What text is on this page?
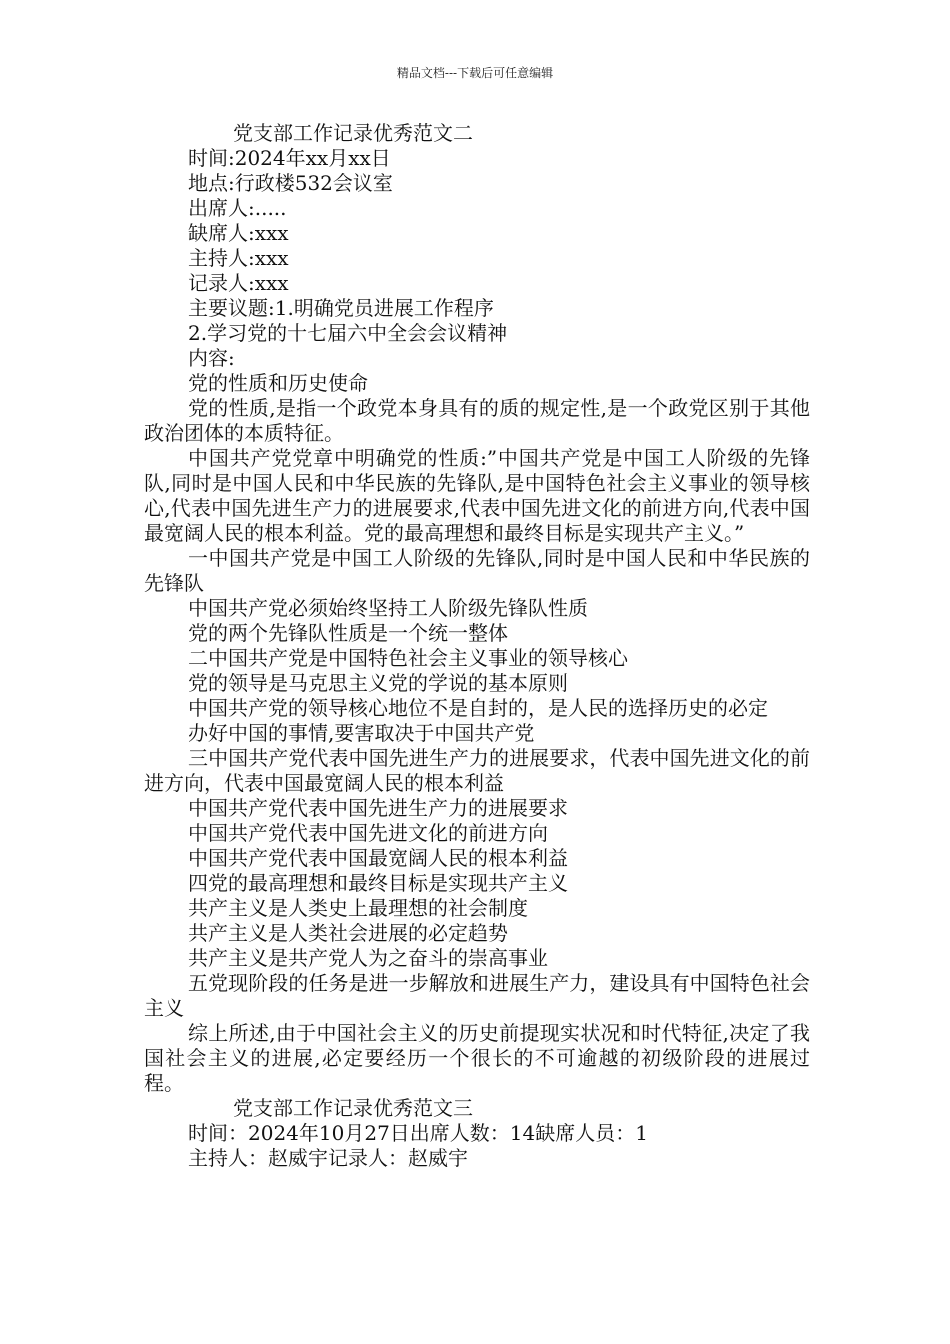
精品文档---下载后可任意编辑

党支部工作记录优秀范文二

时间:2024年xx月xx日

地点:行政楼532会议室

出席人:.....

缺席人:xxx

主持人:xxx

记录人:xxx

主要议题:1.明确党员进展工作程序

2.学习党的十七届六中全会会议精神

内容:

党的性质和历史使命

党的性质,是指一个政党本身具有的质的规定性,是一个政党区别于其他政治团体的本质特征。

中国共产党党章中明确党的性质:”中国共产党是中国工人阶级的先锋队,同时是中国人民和中华民族的先锋队,是中国特色社会主义事业的领导核心,代表中国先进生产力的进展要求,代表中国先进文化的前进方向,代表中国最宽阔人民的根本利益。党的最高理想和最终目标是实现共产主义。”

一中国共产党是中国工人阶级的先锋队,同时是中国人民和中华民族的先锋队

中国共产党必须始终坚持工人阶级先锋队性质

党的两个先锋队性质是一个统一整体

二中国共产党是中国特色社会主义事业的领导核心

党的领导是马克思主义党的学说的基本原则

中国共产党的领导核心地位不是自封的，是人民的选择历史的必定

办好中国的事情,要害取决于中国共产党

三中国共产党代表中国先进生产力的进展要求，代表中国先进文化的前进方向，代表中国最宽阔人民的根本利益

中国共产党代表中国先进生产力的进展要求

中国共产党代表中国先进文化的前进方向

中国共产党代表中国最宽阔人民的根本利益

四党的最高理想和最终目标是实现共产主义

共产主义是人类史上最理想的社会制度

共产主义是人类社会进展的必定趋势

共产主义是共产党人为之奋斗的崇高事业

五党现阶段的任务是进一步解放和进展生产力，建设具有中国特色社会主义

综上所述,由于中国社会主义的历史前提现实状况和时代特征,决定了我国社会主义的进展,必定要经历一个很长的不可逾越的初级阶段的进展过程。

党支部工作记录优秀范文三

时间：2024年10月27日出席人数：14缺席人员：1

主持人：赵威宇记录人：赵威宇
